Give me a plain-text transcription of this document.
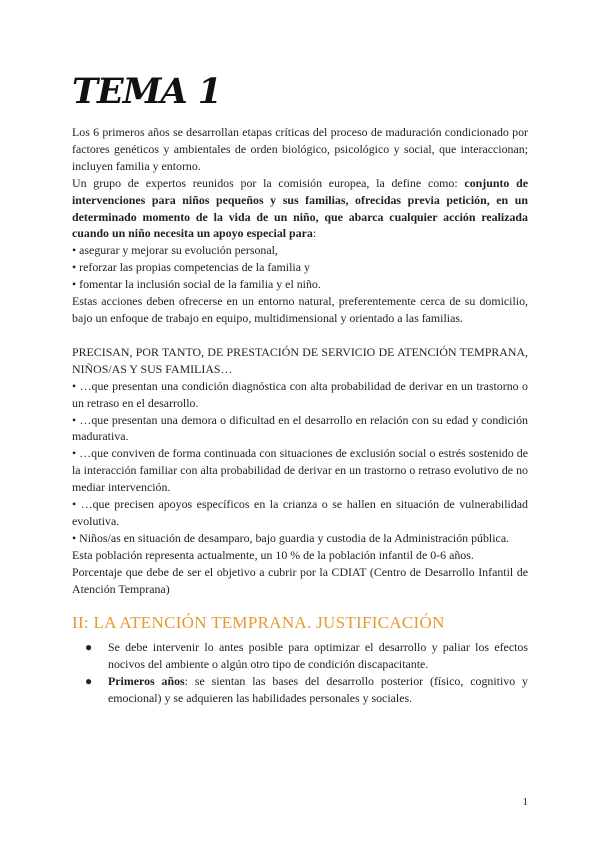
TEMA 1

Los 6 primeros años se desarrollan etapas críticas del proceso de maduración condicionado por factores genéticos y ambientales de orden biológico, psicológico y social, que interaccionan; incluyen familia y entorno.

Un grupo de expertos reunidos por la comisión europea, la define como: conjunto de intervenciones para niños pequeños y sus familias, ofrecidas previa petición, en un determinado momento de la vida de un niño, que abarca cualquier acción realizada cuando un niño necesita un apoyo especial para:

• asegurar y mejorar su evolución personal,
• reforzar las propias competencias de la familia y
• fomentar la inclusión social de la familia y el niño.

Estas acciones deben ofrecerse en un entorno natural, preferentemente cerca de su domicilio, bajo un enfoque de trabajo en equipo, multidimensional y orientado a las familias.

PRECISAN, POR TANTO, DE PRESTACIÓN DE SERVICIO DE ATENCIÓN TEMPRANA, NIÑOS/AS Y SUS FAMILIAS…

• …que presentan una condición diagnóstica con alta probabilidad de derivar en un trastorno o un retraso en el desarrollo.
• …que presentan una demora o dificultad en el desarrollo en relación con su edad y condición madurativa.
• …que conviven de forma continuada con situaciones de exclusión social o estrés sostenido de la interacción familiar con alta probabilidad de derivar en un trastorno o retraso evolutivo de no mediar intervención.
• …que precisen apoyos específicos en la crianza o se hallen en situación de vulnerabilidad evolutiva.
• Niños/as en situación de desamparo, bajo guardia y custodia de la Administración pública.

Esta población representa actualmente, un 10 % de la población infantil de 0-6 años.

Porcentaje que debe de ser el objetivo a cubrir por la CDIAT (Centro de Desarrollo Infantil de Atención Temprana)

II: LA ATENCIÓN TEMPRANA. JUSTIFICACIÓN
● Se debe intervenir lo antes posible para optimizar el desarrollo y paliar los efectos nocivos del ambiente o algún otro tipo de condición discapacitante.
● Primeros años: se sientan las bases del desarrollo posterior (físico, cognitivo y emocional) y se adquieren las habilidades personales y sociales.
1
